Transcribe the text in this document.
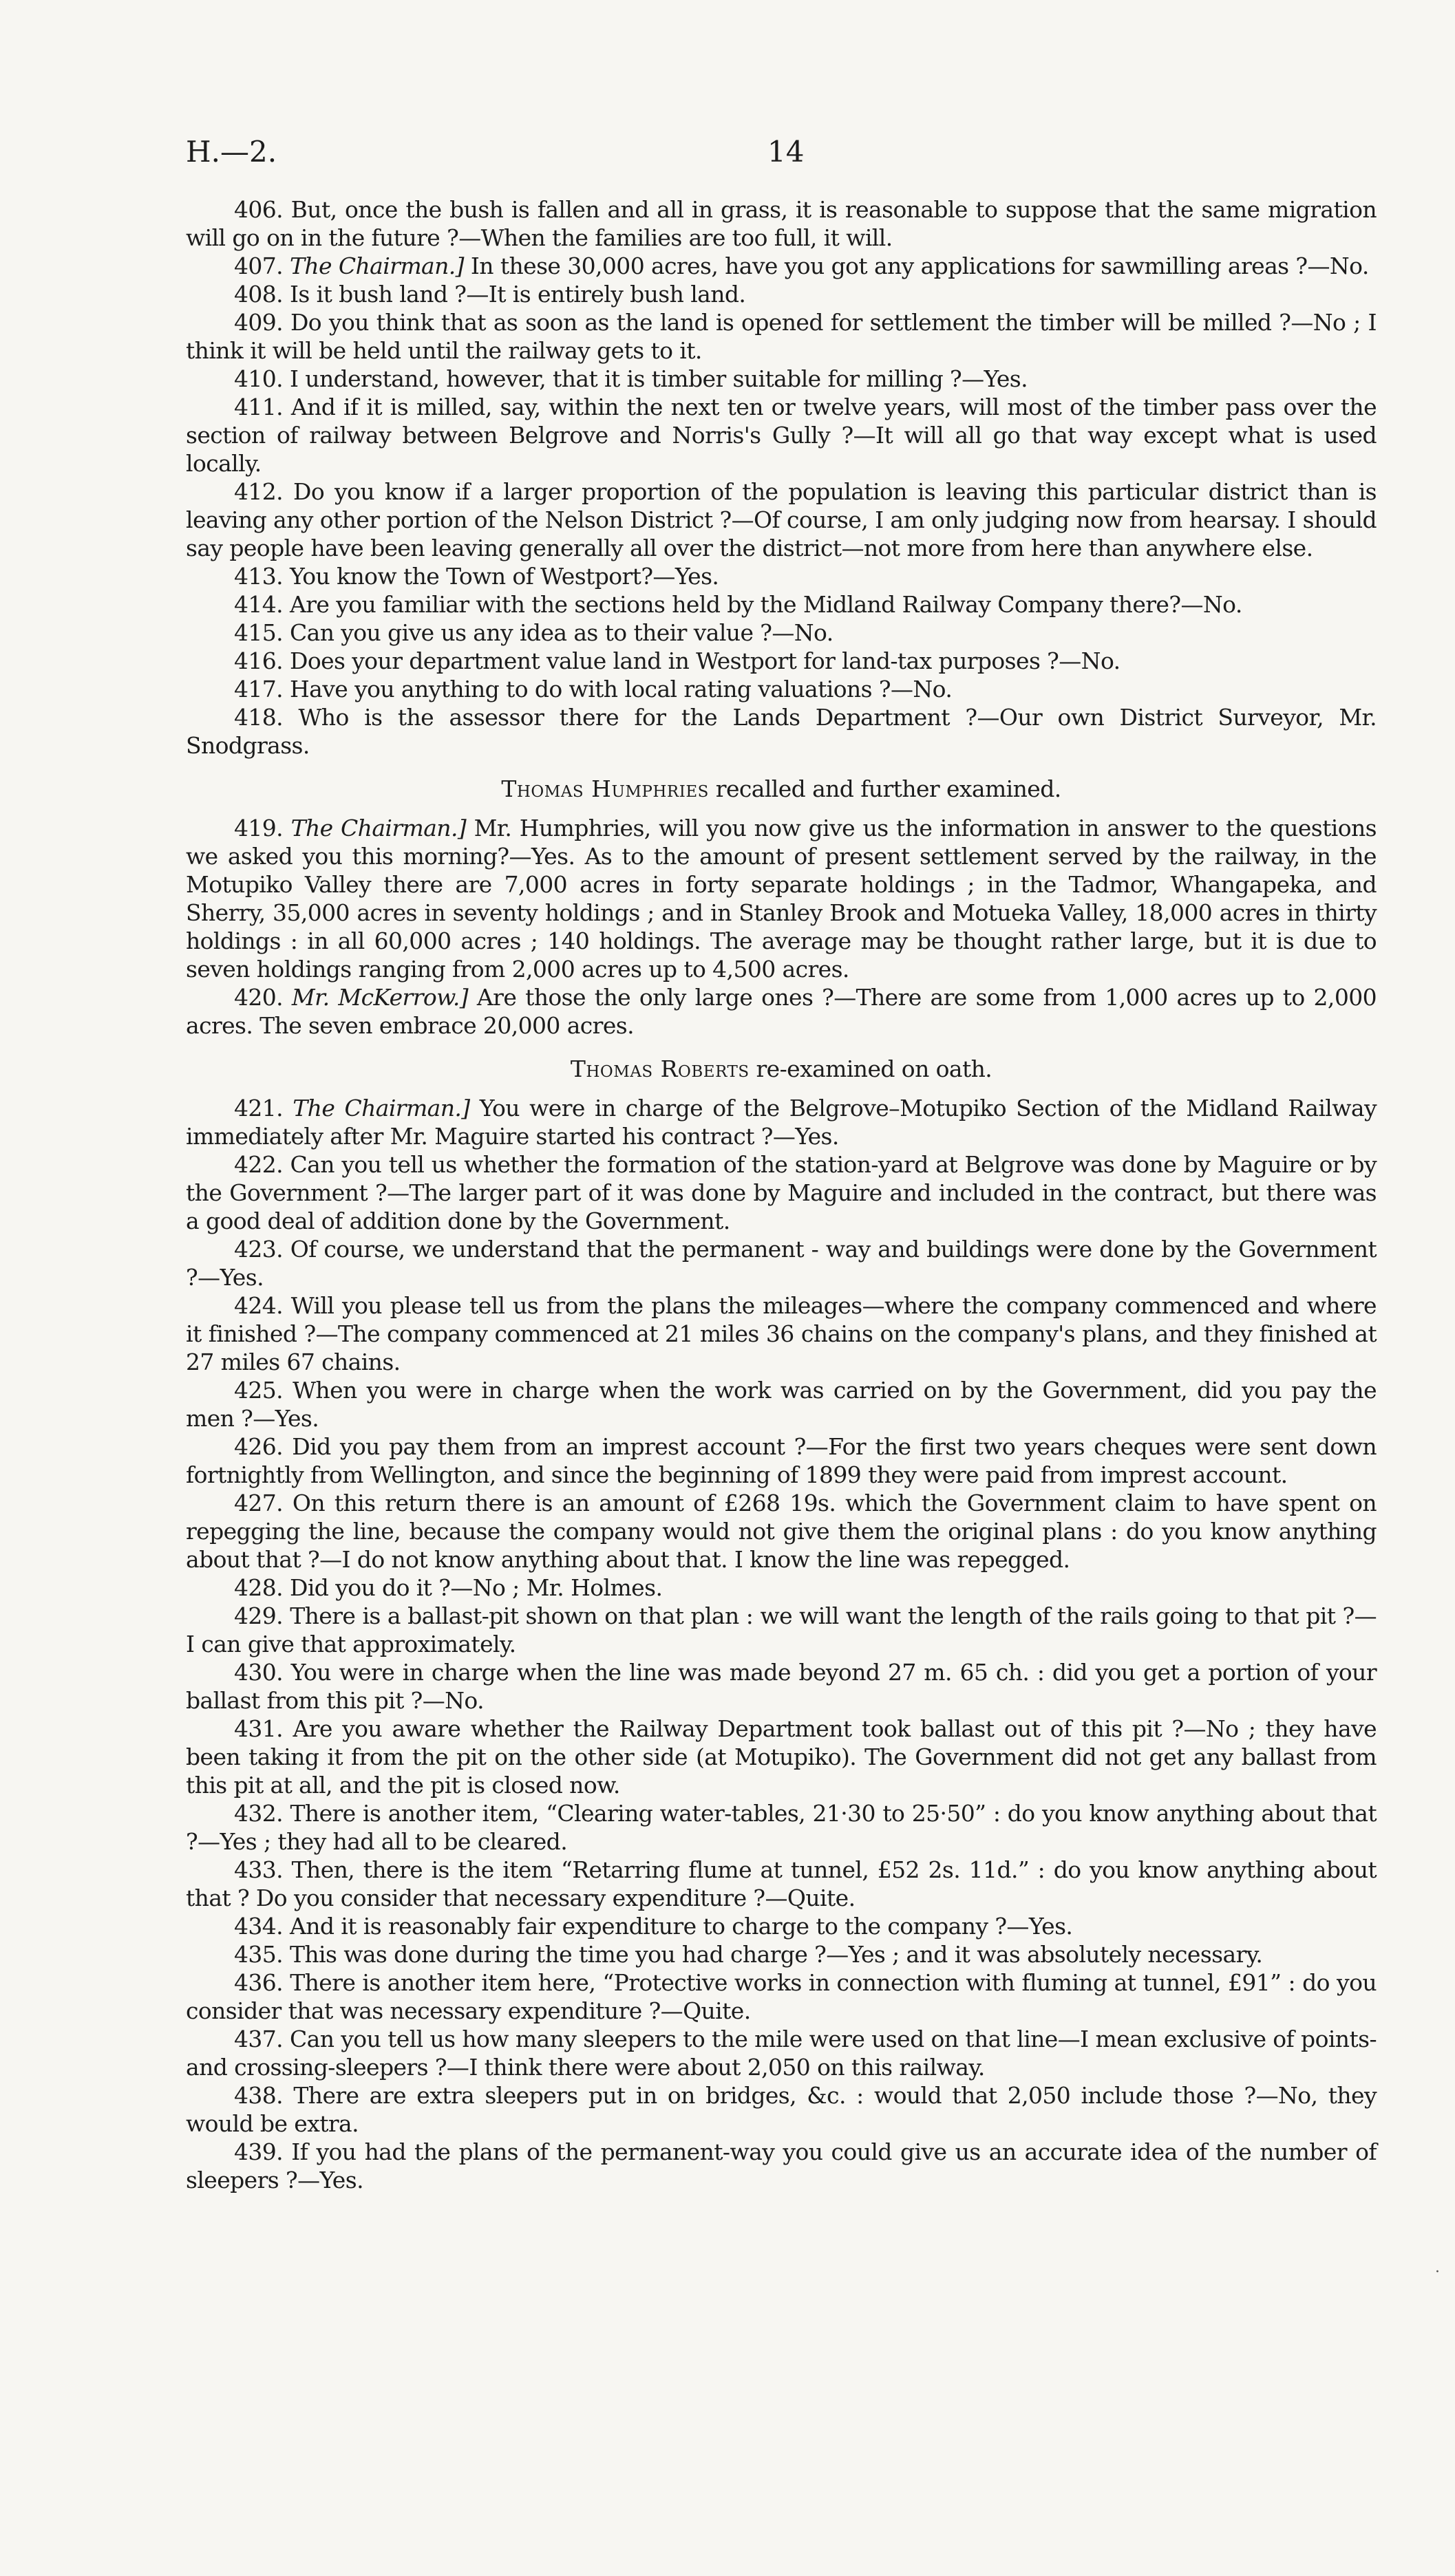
H.—2.	14

406. But, once the bush is fallen and all in grass, it is reasonable to suppose that the same migration will go on in the future ?—When the families are too full, it will.

407. The Chairman.] In these 30,000 acres, have you got any applications for sawmilling areas ?—No.

408. Is it bush land ?—It is entirely bush land.

409. Do you think that as soon as the land is opened for settlement the timber will be milled ?—No ; I think it will be held until the railway gets to it.

410. I understand, however, that it is timber suitable for milling ?—Yes.

411. And if it is milled, say, within the next ten or twelve years, will most of the timber pass over the section of railway between Belgrove and Norris's Gully ?—It will all go that way except what is used locally.

412. Do you know if a larger proportion of the population is leaving this particular district than is leaving any other portion of the Nelson District ?—Of course, I am only judging now from hearsay. I should say people have been leaving generally all over the district—not more from here than anywhere else.

413. You know the Town of Westport?—Yes.

414. Are you familiar with the sections held by the Midland Railway Company there?—No.

415. Can you give us any idea as to their value ?—No.

416. Does your department value land in Westport for land-tax purposes ?—No.

417. Have you anything to do with local rating valuations ?—No.

418. Who is the assessor there for the Lands Department ?—Our own District Surveyor, Mr. Snodgrass.

Thomas Humphries recalled and further examined.

419. The Chairman.] Mr. Humphries, will you now give us the information in answer to the questions we asked you this morning?—Yes. As to the amount of present settlement served by the railway, in the Motupiko Valley there are 7,000 acres in forty separate holdings ; in the Tadmor, Whangapeka, and Sherry, 35,000 acres in seventy holdings ; and in Stanley Brook and Motueka Valley, 18,000 acres in thirty holdings : in all 60,000 acres ; 140 holdings. The average may be thought rather large, but it is due to seven holdings ranging from 2,000 acres up to 4,500 acres.

420. Mr. McKerrow.] Are those the only large ones ?—There are some from 1,000 acres up to 2,000 acres. The seven embrace 20,000 acres.

Thomas Roberts re-examined on oath.

421. The Chairman.] You were in charge of the Belgrove–Motupiko Section of the Midland Railway immediately after Mr. Maguire started his contract ?—Yes.

422. Can you tell us whether the formation of the station-yard at Belgrove was done by Maguire or by the Government ?—The larger part of it was done by Maguire and included in the contract, but there was a good deal of addition done by the Government.

423. Of course, we understand that the permanent - way and buildings were done by the Government ?—Yes.

424. Will you please tell us from the plans the mileages—where the company commenced and where it finished ?—The company commenced at 21 miles 36 chains on the company's plans, and they finished at 27 miles 67 chains.

425. When you were in charge when the work was carried on by the Government, did you pay the men ?—Yes.

426. Did you pay them from an imprest account ?—For the first two years cheques were sent down fortnightly from Wellington, and since the beginning of 1899 they were paid from imprest account.

427. On this return there is an amount of £268 19s. which the Government claim to have spent on repegging the line, because the company would not give them the original plans : do you know anything about that ?—I do not know anything about that. I know the line was repegged.

428. Did you do it ?—No ; Mr. Holmes.

429. There is a ballast-pit shown on that plan : we will want the length of the rails going to that pit ?—I can give that approximately.

430. You were in charge when the line was made beyond 27 m. 65 ch. : did you get a portion of your ballast from this pit ?—No.

431. Are you aware whether the Railway Department took ballast out of this pit ?—No ; they have been taking it from the pit on the other side (at Motupiko). The Government did not get any ballast from this pit at all, and the pit is closed now.

432. There is another item, “Clearing water-tables, 21·30 to 25·50” : do you know anything about that ?—Yes ; they had all to be cleared.

433. Then, there is the item “Retarring flume at tunnel, £52 2s. 11d.” : do you know anything about that ? Do you consider that necessary expenditure ?—Quite.

434. And it is reasonably fair expenditure to charge to the company ?—Yes.

435. This was done during the time you had charge ?—Yes ; and it was absolutely necessary.

436. There is another item here, “Protective works in connection with fluming at tunnel, £91” : do you consider that was necessary expenditure ?—Quite.

437. Can you tell us how many sleepers to the mile were used on that line—I mean exclusive of points- and crossing-sleepers ?—I think there were about 2,050 on this railway.

438. There are extra sleepers put in on bridges, &c. : would that 2,050 include those ?—No, they would be extra.

439. If you had the plans of the permanent-way you could give us an accurate idea of the number of sleepers ?—Yes.

·
